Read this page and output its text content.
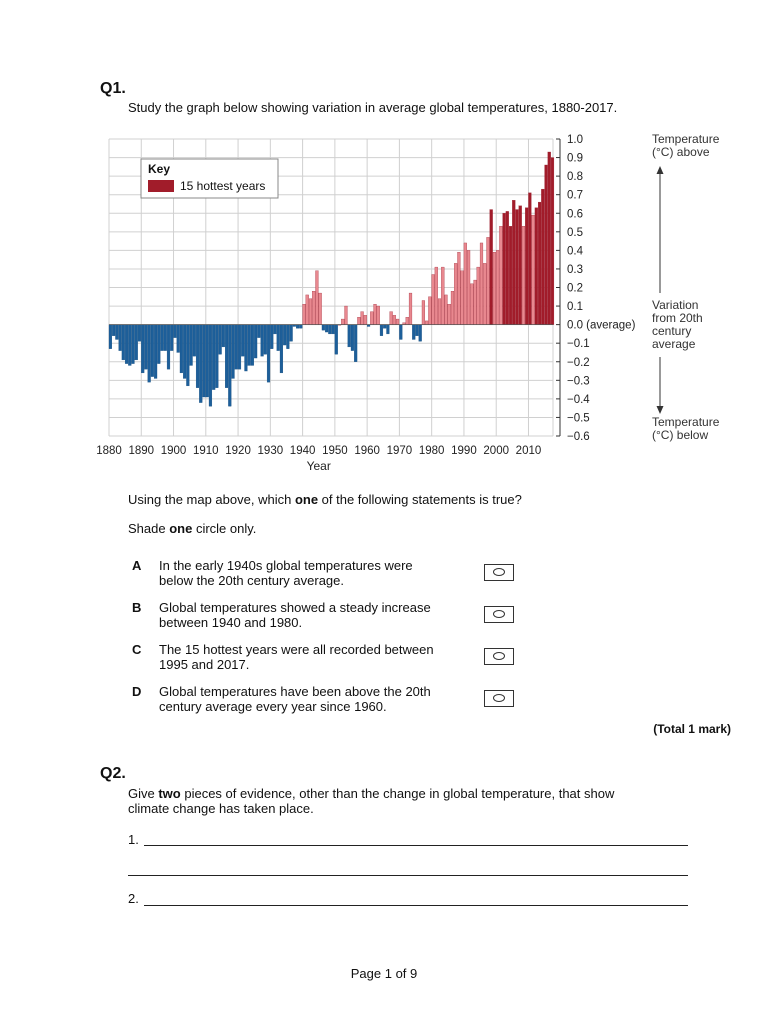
Q1.
Study the graph below showing variation in average global temperatures, 1880-2017.
1.0
0.9
0.8
0.7
0.6
0.5
0.4
0.3
0.2
0.1
0.0 (average)
−0.1
−0.2
−0.3
−0.4
−0.5
−0.6
1880 1890 1900 1910 1920 1930 1940 1950 1960 1970 1980 1990 2000 2010
Year
Key
15 hottest years
Temperature
(°C) above
Variation
from 20th
century
average
Temperature
(°C) below
Using the map above, which one of the following statements is true?
Shade one circle only.
A In the early 1940s global temperatures were
below the 20th century average.
B Global temperatures showed a steady increase
between 1940 and 1980.
C The 15 hottest years were all recorded between
1995 and 2017.
D Global temperatures have been above the 20th
century average every year since 1960.
(Total 1 mark)
Q2.
Give two pieces of evidence, other than the change in global temperature, that show
climate change has taken place.
1.
2.
Page 1 of 9
